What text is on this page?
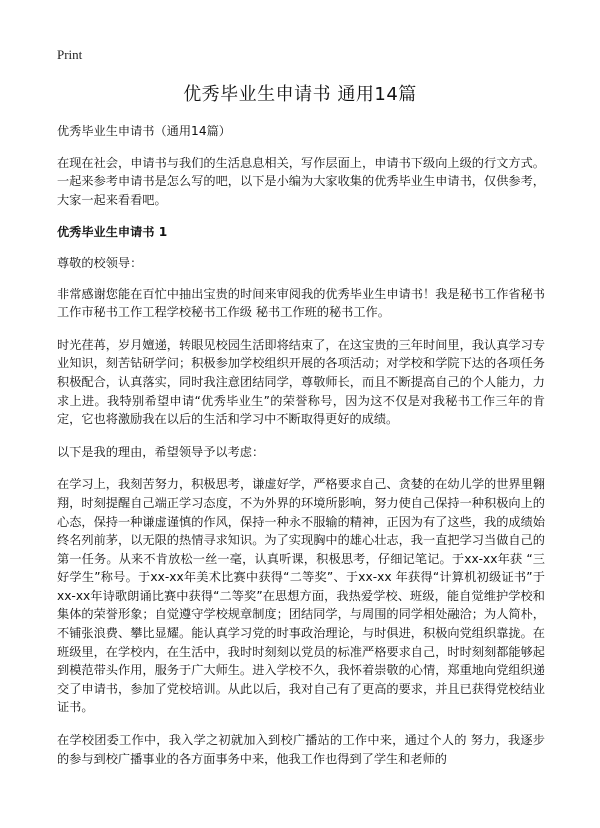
Print
优秀毕业生申请书 通用14篇

优秀毕业生申请书（通用14篇）

在现在社会，申请书与我们的生活息息相关，写作层面上，申请书下级向上级的行文方式。一起来参考申请书是怎么写的吧，以下是小编为大家收集的优秀毕业生申请书，仅供参考，大家一起来看看吧。

优秀毕业生申请书 1

尊敬的校领导：

非常感谢您能在百忙中抽出宝贵的时间来审阅我的优秀毕业生申请书！我是秘书工作省秘书工作市秘书工作工程学校秘书工作级 秘书工作班的秘书工作。

时光荏苒，岁月嬗递，转眼见校园生活即将结束了，在这宝贵的三年时间里，我认真学习专业知识，刻苦钻研学问；积极参加学校组织开展的各项活动；对学校和学院下达的各项任务积极配合，认真落实，同时我注意团结同学，尊敬师长，而且不断提高自己的个人能力，力求上进。我特别希望申请“优秀毕业生”的荣誉称号，因为这不仅是对我秘书工作三年的肯定，它也将激励我在以后的生活和学习中不断取得更好的成绩。

以下是我的理由，希望领导予以考虑：

在学习上，我刻苦努力，积极思考，谦虚好学，严格要求自己、贪婪的在幼儿学的世界里翱翔，时刻提醒自己端正学习态度，不为外界的环境所影响，努力使自己保持一种积极向上的心态，保持一种谦虚谨慎的作风，保持一种永不服输的精神，正因为有了这些，我的成绩始终名列前茅，以无限的热情寻求知识。为了实现胸中的雄心壮志，我一直把学习当做自己的第一任务。从来不肯放松一丝一毫，认真听课，积极思考，仔细记笔记。于xx-xx年获 “三好学生”称号。于xx-xx年美术比赛中获得“二等奖”、于xx-xx 年获得“计算机初级证书”于xx-xx年诗歌朗诵比赛中获得“二等奖”在思想方面，我热爱学校、班级，能自觉维护学校和集体的荣誉形象；自觉遵守学校规章制度；团结同学，与周围的同学相处融洽；为人简朴，不铺张浪费、攀比显耀。能认真学习党的时事政治理论，与时俱进，积极向党组织靠拢。在班级里，在学校内，在生活中，我时时刻刻以党员的标准严格要求自己，时时刻刻都能够起到模范带头作用，服务于广大师生。进入学校不久，我怀着崇敬的心情，郑重地向党组织递交了申请书，参加了党校培训。从此以后，我对自己有了更高的要求，并且已获得党校结业证书。

在学校团委工作中，我入学之初就加入到校广播站的工作中来，通过个人的 努力，我逐步的参与到校广播事业的各方面事务中来，他我工作也得到了学生和老师的
